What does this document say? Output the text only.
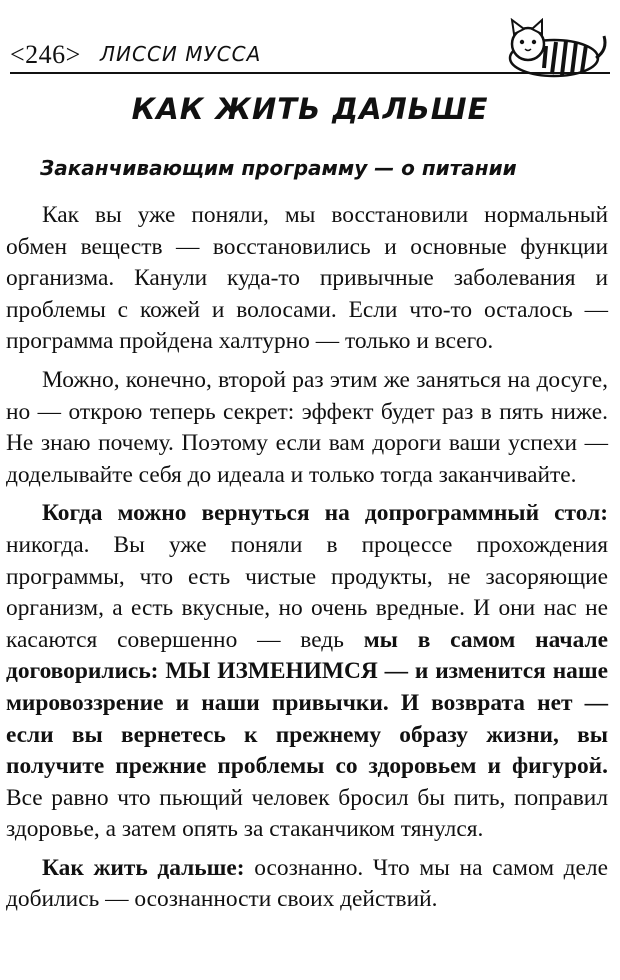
<246> ЛИССИ МУССА
КАК ЖИТЬ ДАЛЬШЕ
Заканчивающим программу — о питании

Как вы уже поняли, мы восстановили нормальный обмен веществ — восстановились и основные функции организма. Канули куда-то привычные заболевания и проблемы с кожей и волосами. Если что-то осталось — программа пройдена халтурно — только и всего.

Можно, конечно, второй раз этим же заняться на досуге, но — открою теперь секрет: эффект будет раз в пять ниже. Не знаю почему. Поэтому если вам дороги ваши успехи — доделывайте себя до идеала и только тогда заканчивайте.

Когда можно вернуться на допрограммный стол: никогда. Вы уже поняли в процессе прохождения программы, что есть чистые продукты, не засоряющие организм, а есть вкусные, но очень вредные. И они нас не касаются совершенно — ведь мы в самом начале договорились: МЫ ИЗМЕНИМСЯ — и изменится наше мировоззрение и наши привычки. И возврата нет — если вы вернетесь к прежнему образу жизни, вы получите прежние проблемы со здоровьем и фигурой. Все равно что пьющий человек бросил бы пить, поправил здоровье, а затем опять за стаканчиком тянулся.

Как жить дальше: осознанно. Что мы на самом деле добились — осознанности своих действий.
